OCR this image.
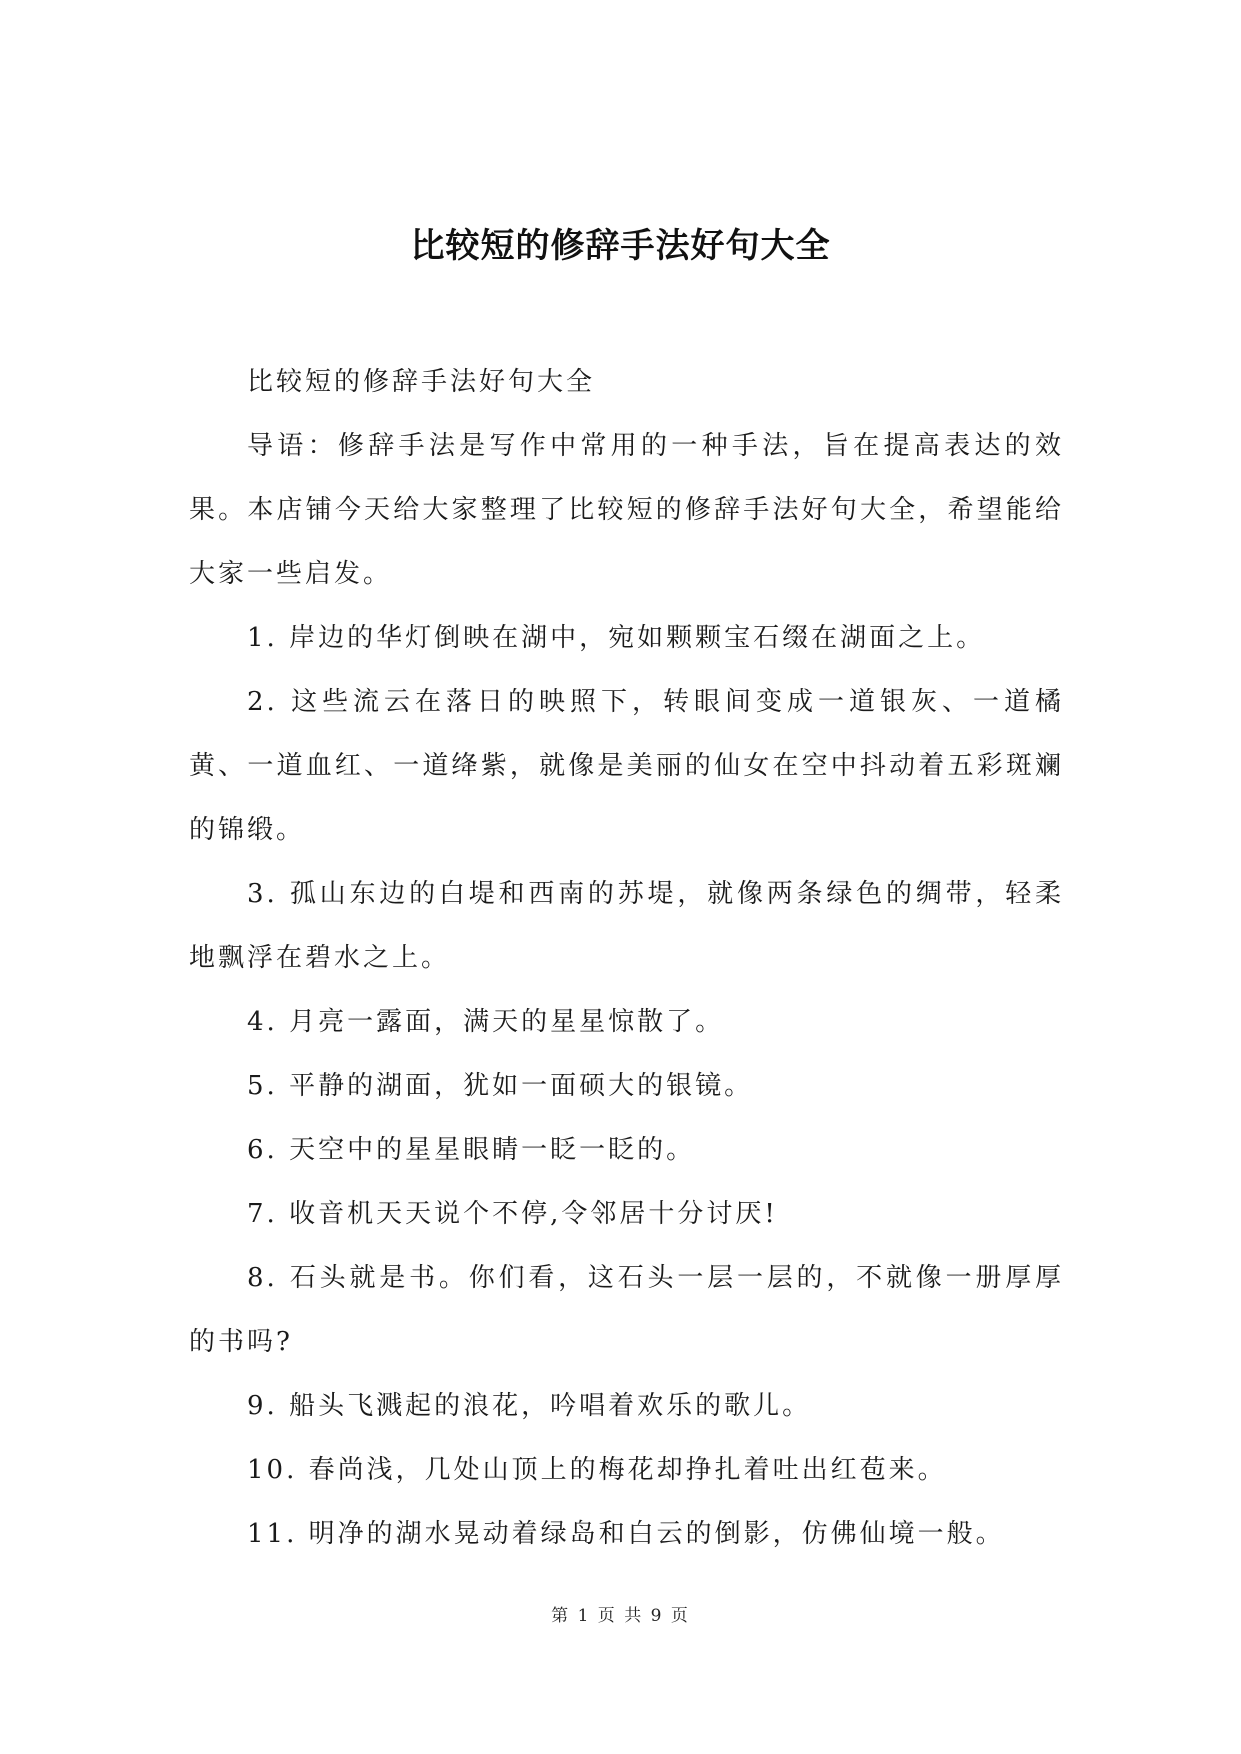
比较短的修辞手法好句大全

比较短的修辞手法好句大全

导语：修辞手法是写作中常用的一种手法，旨在提高表达的效果。本店铺今天给大家整理了比较短的修辞手法好句大全，希望能给大家一些启发。

1. 岸边的华灯倒映在湖中，宛如颗颗宝石缀在湖面之上。

2. 这些流云在落日的映照下，转眼间变成一道银灰、一道橘黄、一道血红、一道绛紫，就像是美丽的仙女在空中抖动着五彩斑斓的锦缎。

3. 孤山东边的白堤和西南的苏堤，就像两条绿色的绸带，轻柔地飘浮在碧水之上。

4. 月亮一露面，满天的星星惊散了。

5. 平静的湖面，犹如一面硕大的银镜。

6. 天空中的星星眼睛一眨一眨的。

7. 收音机天天说个不停,令邻居十分讨厌!

8. 石头就是书。你们看，这石头一层一层的，不就像一册厚厚的书吗?

9. 船头飞溅起的浪花，吟唱着欢乐的歌儿。

10. 春尚浅，几处山顶上的梅花却挣扎着吐出红苞来。

11. 明净的湖水晃动着绿岛和白云的倒影，仿佛仙境一般。

第 1 页 共 9 页
